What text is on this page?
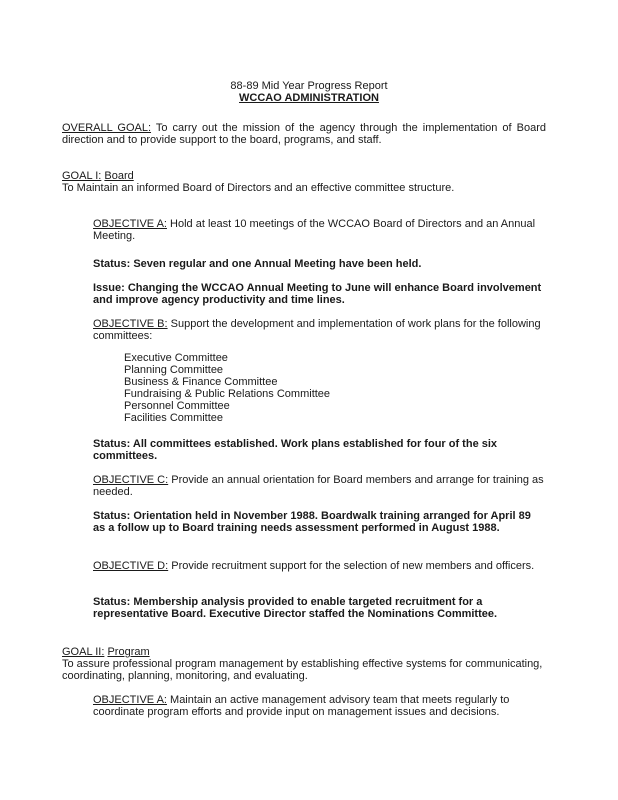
88-89 Mid Year Progress Report
WCCAO ADMINISTRATION
OVERALL GOAL: To carry out the mission of the agency through the implementation of Board direction and to provide support to the board, programs, and staff.
GOAL I: Board
To Maintain an informed Board of Directors and an effective committee structure.
OBJECTIVE A: Hold at least 10 meetings of the WCCAO Board of Directors and an Annual Meeting.
Status: Seven regular and one Annual Meeting have been held.
Issue: Changing the WCCAO Annual Meeting to June will enhance Board involvement and improve agency productivity and time lines.
OBJECTIVE B: Support the development and implementation of work plans for the following committees:
Executive Committee
Planning Committee
Business & Finance Committee
Fundraising & Public Relations Committee
Personnel Committee
Facilities Committee
Status: All committees established. Work plans established for four of the six committees.
OBJECTIVE C: Provide an annual orientation for Board members and arrange for training as needed.
Status: Orientation held in November 1988. Boardwalk training arranged for April 89 as a follow up to Board training needs assessment performed in August 1988.
OBJECTIVE D: Provide recruitment support for the selection of new members and officers.
Status: Membership analysis provided to enable targeted recruitment for a representative Board. Executive Director staffed the Nominations Committee.
GOAL II: Program
To assure professional program management by establishing effective systems for communicating, coordinating, planning, monitoring, and evaluating.
OBJECTIVE A: Maintain an active management advisory team that meets regularly to coordinate program efforts and provide input on management issues and decisions.
